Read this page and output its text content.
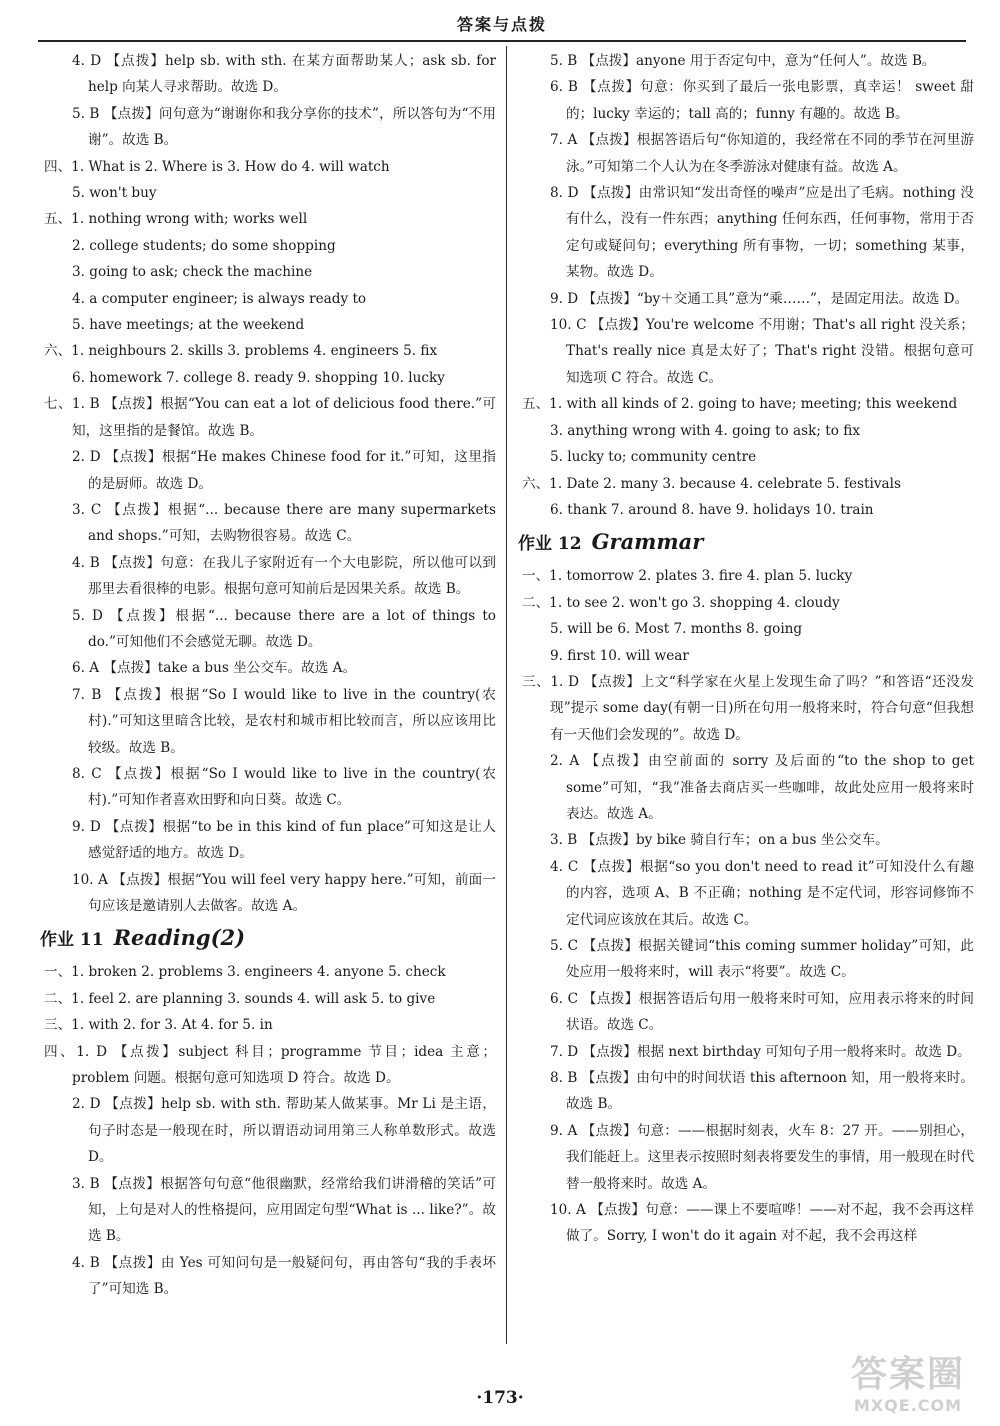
答案与点拨
4. D 【点拨】help sb. with sth. 在某方面帮助某人；ask sb. for help 向某人寻求帮助。故选 D。
5. B 【点拨】问句意为“谢谢你和我分享你的技术”，所以答句为“不用谢”。故选 B。
四、1. What is 2. Where is 3. How do 4. will watch
5. won't buy
五、1. nothing wrong with; works well
2. college students; do some shopping
3. going to ask; check the machine
4. a computer engineer; is always ready to
5. have meetings; at the weekend
六、1. neighbours 2. skills 3. problems 4. engineers 5. fix
6. homework 7. college 8. ready 9. shopping 10. lucky
七、1. B 【点拨】根据“You can eat a lot of delicious food there.”可知，这里指的是餐馆。故选 B。
2. D 【点拨】根据“He makes Chinese food for it.”可知，这里指的是厨师。故选 D。
3. C 【点拨】根据“... because there are many supermarkets and shops.”可知，去购物很容易。故选 C。
4. B 【点拨】句意：在我儿子家附近有一个大电影院，所以他可以到那里去看很棒的电影。根据句意可知前后是因果关系。故选 B。
5. D 【点拨】根据“... because there are a lot of things to do.”可知他们不会感觉无聊。故选 D。
6. A 【点拨】take a bus 坐公交车。故选 A。
7. B 【点拨】根据“So I would like to live in the country(农村).”可知这里暗含比较，是农村和城市相比较而言，所以应该用比较级。故选 B。
8. C 【点拨】根据“So I would like to live in the country(农村).”可知作者喜欢田野和向日葵。故选 C。
9. D 【点拨】根据“to be in this kind of fun place”可知这是让人感觉舒适的地方。故选 D。
10. A 【点拨】根据“You will feel very happy here.”可知，前面一句应该是邀请别人去做客。故选 A。
作业 11 Reading(2)
一、1. broken 2. problems 3. engineers 4. anyone 5. check
二、1. feel 2. are planning 3. sounds 4. will ask 5. to give
三、1. with 2. for 3. At 4. for 5. in
四、1. D 【点拨】subject 科目；programme 节目；idea 主意；problem 问题。根据句意可知选项 D 符合。故选 D。
2. D 【点拨】help sb. with sth. 帮助某人做某事。Mr Li 是主语，句子时态是一般现在时，所以谓语动词用第三人称单数形式。故选 D。
3. B 【点拨】根据答句句意“他很幽默，经常给我们讲滑稽的笑话”可知，上句是对人的性格提问，应用固定句型“What is ... like?”。故选 B。
4. B 【点拨】由 Yes 可知问句是一般疑问句，再由答句“我的手表坏了”可知选 B。
5. B 【点拨】anyone 用于否定句中，意为“任何人”。故选 B。
6. B 【点拨】句意：你买到了最后一张电影票，真幸运！ sweet 甜的；lucky 幸运的；tall 高的；funny 有趣的。故选 B。
7. A 【点拨】根据答语后句“你知道的，我经常在不同的季节在河里游泳。”可知第二个人认为在冬季游泳对健康有益。故选 A。
8. D 【点拨】由常识知“发出奇怪的噪声”应是出了毛病。nothing 没有什么，没有一件东西；anything 任何东西，任何事物，常用于否定句或疑问句；everything 所有事物，一切；something 某事，某物。故选 D。
9. D 【点拨】“by＋交通工具”意为“乘……”，是固定用法。故选 D。
10. C 【点拨】You're welcome 不用谢；That's all right 没关系；That's really nice 真是太好了；That's right 没错。根据句意可知选项 C 符合。故选 C。
五、1. with all kinds of 2. going to have; meeting; this weekend
3. anything wrong with 4. going to ask; to fix
5. lucky to; community centre
六、1. Date 2. many 3. because 4. celebrate 5. festivals
6. thank 7. around 8. have 9. holidays 10. train
作业 12 Grammar
一、1. tomorrow 2. plates 3. fire 4. plan 5. lucky
二、1. to see 2. won't go 3. shopping 4. cloudy
5. will be 6. Most 7. months 8. going
9. first 10. will wear
三、1. D 【点拨】上文“科学家在火星上发现生命了吗？”和答语“还没发现”提示 some day(有朝一日)所在句用一般将来时，符合句意“但我想有一天他们会发现的”。故选 D。
2. A 【点拨】由空前面的 sorry 及后面的“to the shop to get some”可知，“我”准备去商店买一些咖啡，故此处应用一般将来时表达。故选 A。
3. B 【点拨】by bike 骑自行车；on a bus 坐公交车。
4. C 【点拨】根据“so you don't need to read it”可知没什么有趣的内容，选项 A、B 不正确；nothing 是不定代词，形容词修饰不定代词应该放在其后。故选 C。
5. C 【点拨】根据关键词“this coming summer holiday”可知，此处应用一般将来时，will 表示“将要”。故选 C。
6. C 【点拨】根据答语后句用一般将来时可知，应用表示将来的时间状语。故选 C。
7. D 【点拨】根据 next birthday 可知句子用一般将来时。故选 D。
8. B 【点拨】由句中的时间状语 this afternoon 知，用一般将来时。故选 B。
9. A 【点拨】句意：——根据时刻表，火车 8：27 开。——别担心，我们能赶上。这里表示按照时刻表将要发生的事情，用一般现在时代替一般将来时。故选 A。
10. A 【点拨】句意：——课上不要喧哗！——对不起，我不会再这样做了。Sorry, I won't do it again 对不起，我不会再这样
·173·
答案圈
MXQE.COM
